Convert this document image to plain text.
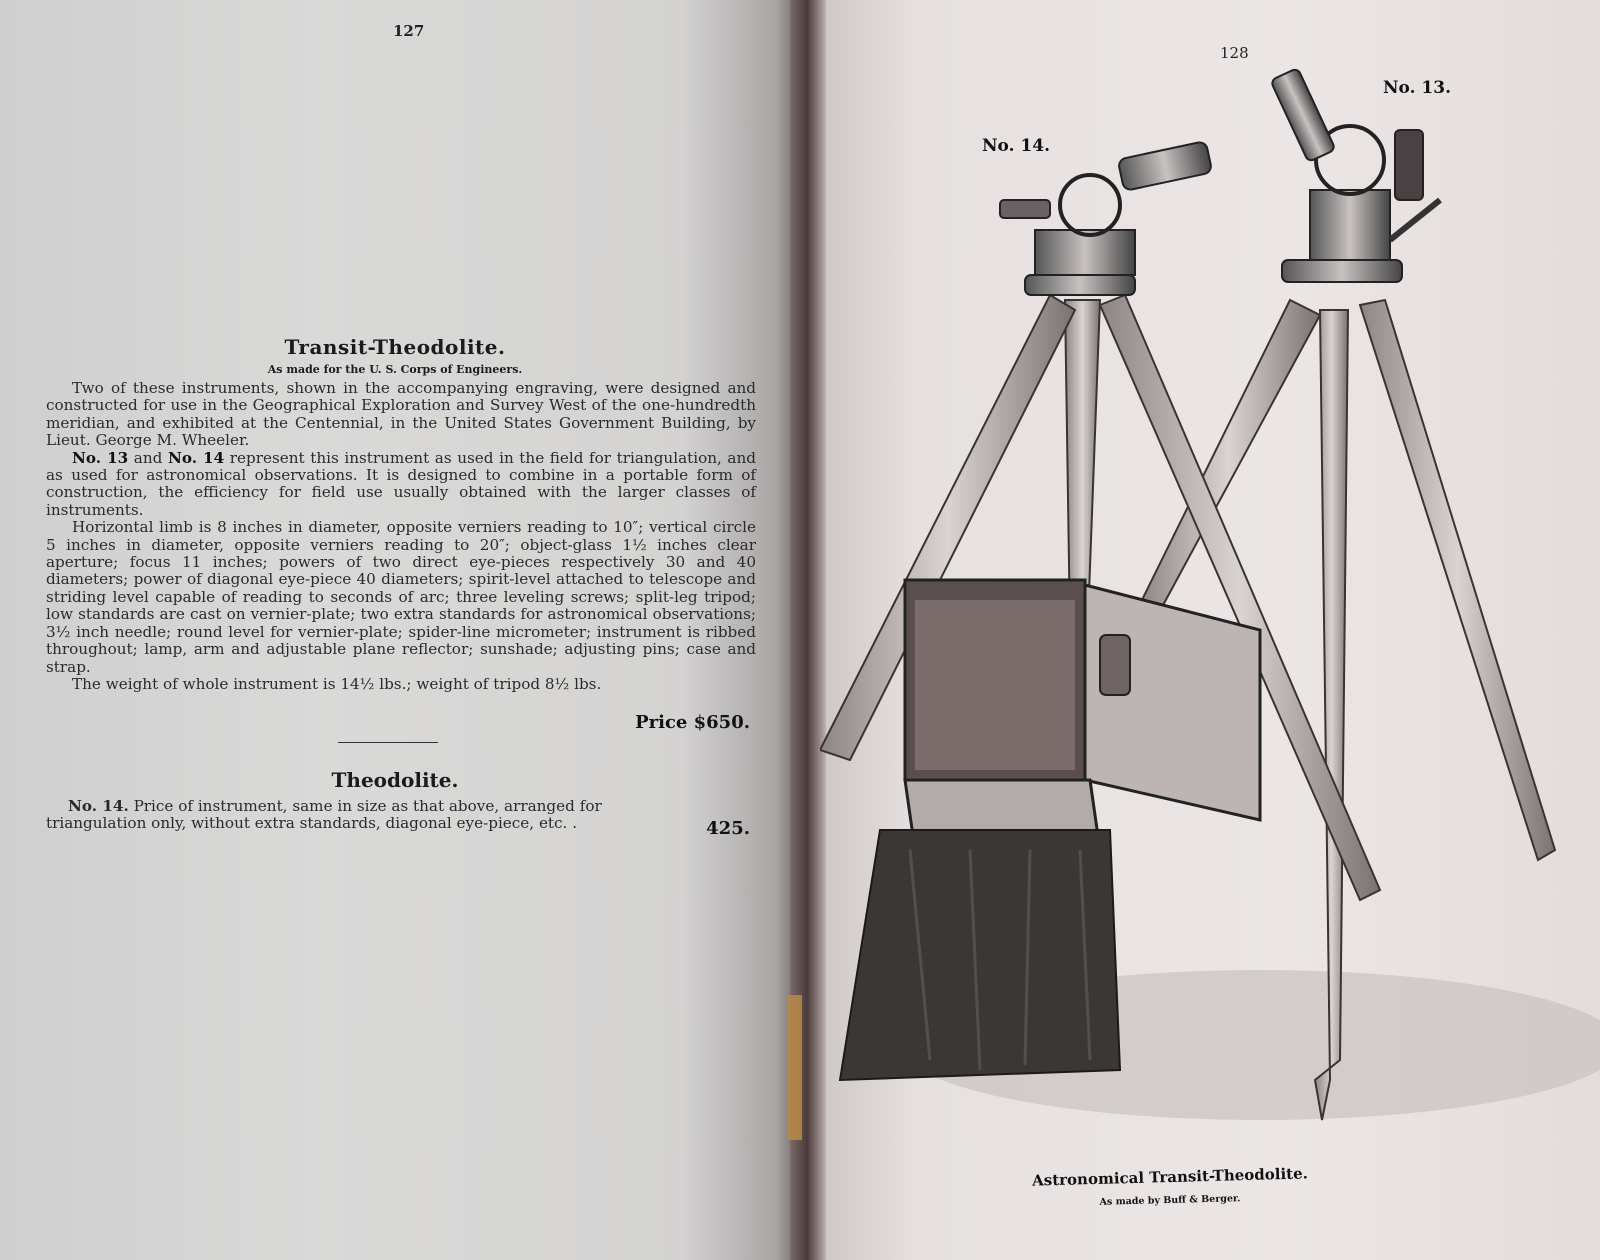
127
Transit-Theodolite.
As made for the U. S. Corps of Engineers.

Two of these instruments, shown in the accompanying engraving, were designed and constructed for use in the Geographical Exploration and Survey West of the one-hundredth meridian, and exhibited at the Centennial, in the United States Government Building, by Lieut. George M. Wheeler.

No. 13 and No. 14 represent this instrument as used in the field for triangulation, and as used for astronomical observations. It is designed to combine in a portable form of construction, the efficiency for field use usually obtained with the larger classes of instruments.

Horizontal limb is 8 inches in diameter, opposite verniers reading to 10″; vertical circle 5 inches in diameter, opposite verniers reading to 20″; object-glass 1½ inches clear aperture; focus 11 inches; powers of two direct eye-pieces respectively 30 and 40 diameters; power of diagonal eye-piece 40 diameters; spirit-level attached to telescope and striding level capable of reading to seconds of arc; three leveling screws; split-leg tripod; low standards are cast on vernier-plate; two extra standards for astronomical observations; 3½ inch needle; round level for vernier-plate; spider-line micrometer; instrument is ribbed throughout; lamp, arm and adjustable plane reflector; sunshade; adjusting pins; case and strap.

The weight of whole instrument is 14½ lbs.; weight of tripod 8½ lbs.

Price $650.
Theodolite.

No. 14. Price of instrument, same in size as that above, arranged for triangulation only, without extra standards, diagonal eye-piece, etc. .	425.
128
No. 14.
No. 13.
Astronomical Transit-Theodolite.
As made by Buff & Berger.
